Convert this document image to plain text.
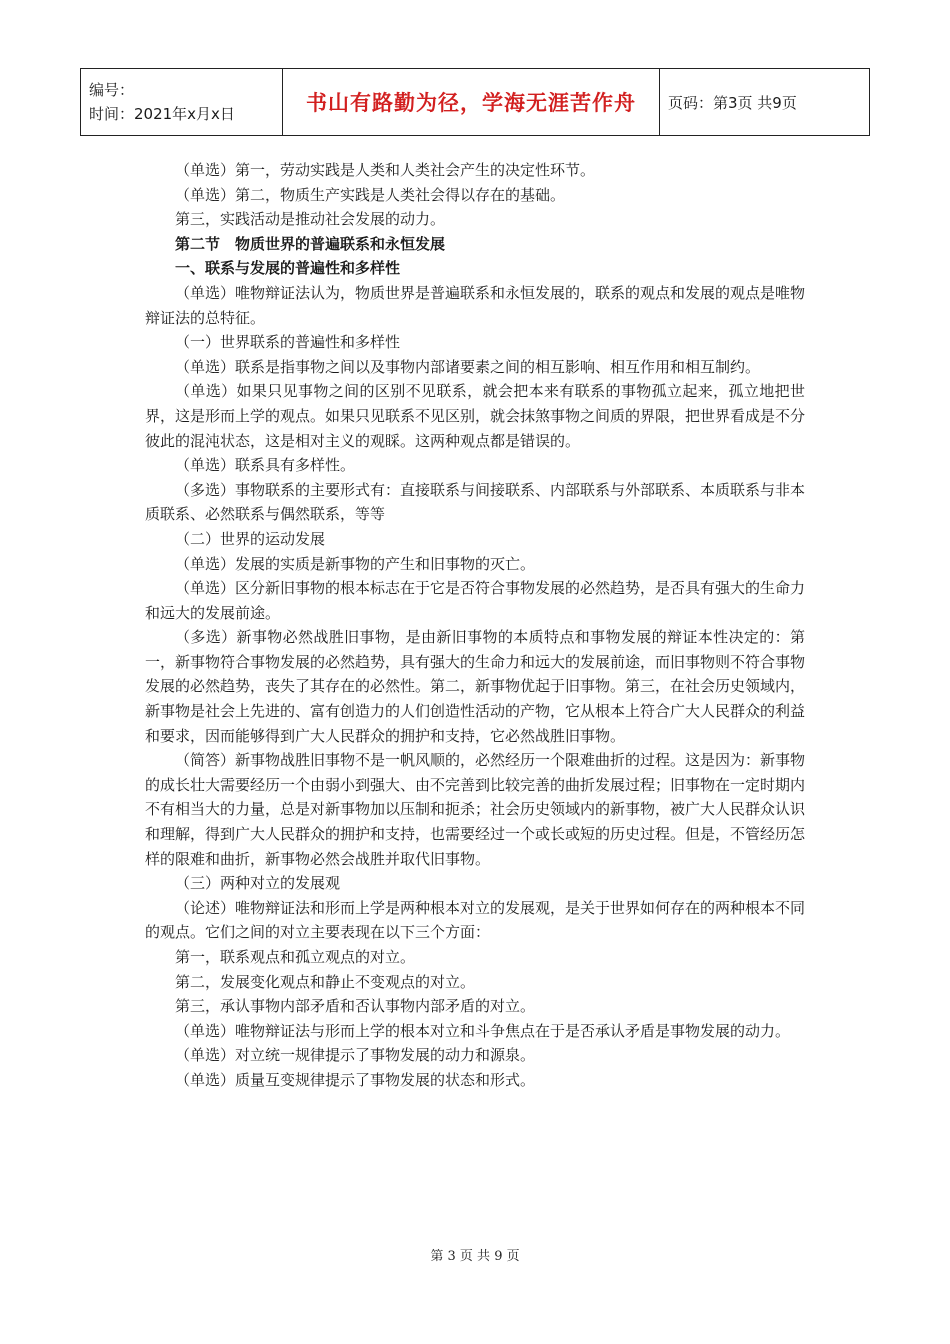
编号：
时间：2021年x月x日	书山有路勤为径，学海无涯苦作舟	页码：第3页 共9页

（单选）第一，劳动实践是人类和人类社会产生的决定性环节。

（单选）第二，物质生产实践是人类社会得以存在的基础。

第三，实践活动是推动社会发展的动力。

第二节　物质世界的普遍联系和永恒发展

一、联系与发展的普遍性和多样性

（单选）唯物辩证法认为，物质世界是普遍联系和永恒发展的，联系的观点和发展的观点是唯物辩证法的总特征。

（一）世界联系的普遍性和多样性

（单选）联系是指事物之间以及事物内部诸要素之间的相互影响、相互作用和相互制约。

（单选）如果只见事物之间的区别不见联系，就会把本来有联系的事物孤立起来，孤立地把世界，这是形而上学的观点。如果只见联系不见区别，就会抹煞事物之间质的界限，把世界看成是不分彼此的混沌状态，这是相对主义的观睬。这两种观点都是错误的。

（单选）联系具有多样性。

（多选）事物联系的主要形式有：直接联系与间接联系、内部联系与外部联系、本质联系与非本质联系、必然联系与偶然联系，等等

（二）世界的运动发展

（单选）发展的实质是新事物的产生和旧事物的灭亡。

（单选）区分新旧事物的根本标志在于它是否符合事物发展的必然趋势，是否具有强大的生命力和远大的发展前途。

（多选）新事物必然战胜旧事物，是由新旧事物的本质特点和事物发展的辩证本性决定的：第一，新事物符合事物发展的必然趋势，具有强大的生命力和远大的发展前途，而旧事物则不符合事物发展的必然趋势，丧失了其存在的必然性。第二，新事物优起于旧事物。第三，在社会历史领域内，新事物是社会上先进的、富有创造力的人们创造性活动的产物，它从根本上符合广大人民群众的利益和要求，因而能够得到广大人民群众的拥护和支持，它必然战胜旧事物。

（简答）新事物战胜旧事物不是一帆风顺的，必然经历一个限难曲折的过程。这是因为：新事物的成长壮大需要经历一个由弱小到强大、由不完善到比较完善的曲折发展过程；旧事物在一定时期内不有相当大的力量，总是对新事物加以压制和扼杀；社会历史领域内的新事物，被广大人民群众认识和理解，得到广大人民群众的拥护和支持，也需要经过一个或长或短的历史过程。但是，不管经历怎样的限难和曲折，新事物必然会战胜并取代旧事物。

（三）两种对立的发展观

（论述）唯物辩证法和形而上学是两种根本对立的发展观，是关于世界如何存在的两种根本不同的观点。它们之间的对立主要表现在以下三个方面：

第一，联系观点和孤立观点的对立。

第二，发展变化观点和静止不变观点的对立。

第三，承认事物内部矛盾和否认事物内部矛盾的对立。

（单选）唯物辩证法与形而上学的根本对立和斗争焦点在于是否承认矛盾是事物发展的动力。

（单选）对立统一规律提示了事物发展的动力和源泉。

（单选）质量互变规律提示了事物发展的状态和形式。

第 3 页 共 9 页
